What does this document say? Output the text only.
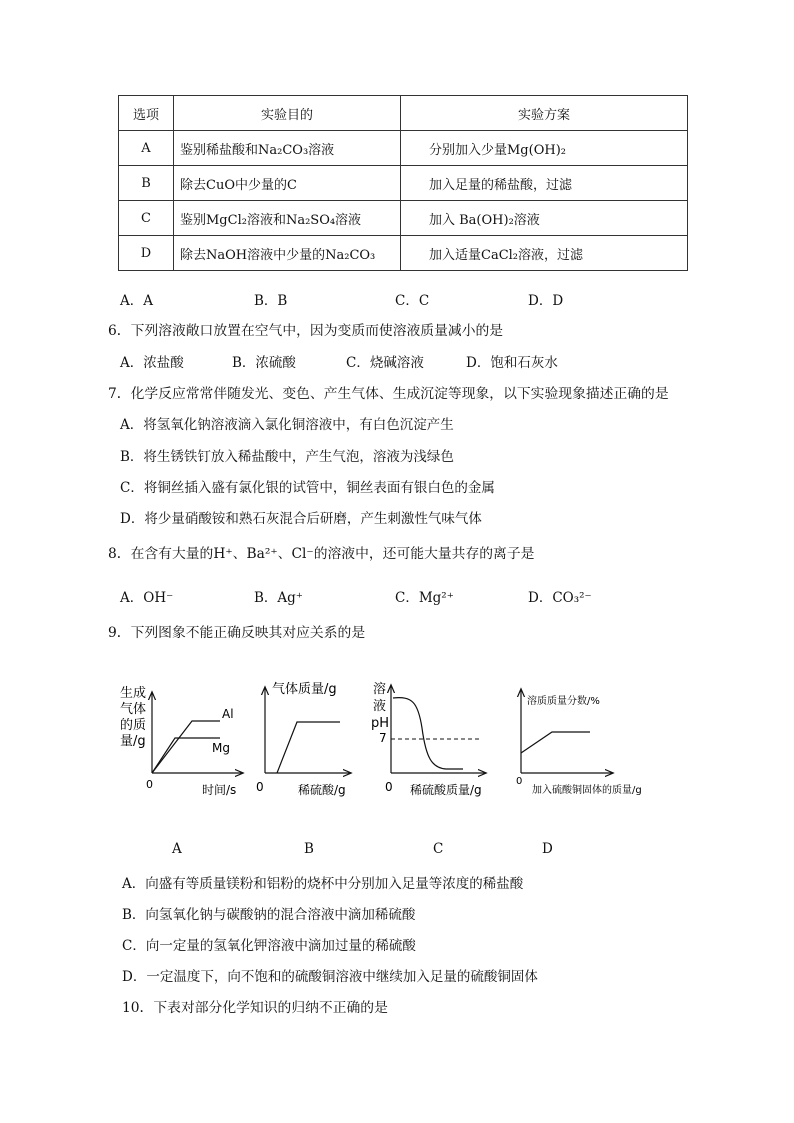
选项	实验目的	实验方案
A	鉴别稀盐酸和Na₂CO₃溶液	分别加入少量Mg(OH)₂
B	除去CuO中少量的C	加入足量的稀盐酸，过滤
C	鉴别MgCl₂溶液和Na₂SO₄溶液	加入 Ba(OH)₂溶液
D	除去NaOH溶液中少量的Na₂CO₃	加入适量CaCl₂溶液，过滤
A．A	B．B	C．C	D．D
6．下列溶液敞口放置在空气中，因为变质而使溶液质量减小的是
A．浓盐酸	B．浓硫酸	C．烧碱溶液	D．饱和石灰水
7．化学反应常常伴随发光、变色、产生气体、生成沉淀等现象，以下实验现象描述正确的是
A．将氢氧化钠溶液滴入氯化铜溶液中，有白色沉淀产生
B．将生锈铁钉放入稀盐酸中，产生气泡，溶液为浅绿色
C．将铜丝插入盛有氯化银的试管中，铜丝表面有银白色的金属
D．将少量硝酸铵和熟石灰混合后研磨，产生刺激性气味气体
8．在含有大量的H⁺、Ba²⁺、Cl⁻的溶液中，还可能大量共存的离子是
A．OH⁻	B．Ag⁺	C．Mg²⁺	D．CO₃²⁻
9．下列图象不能正确反映其对应关系的是
生成
气体
的质
量/g
0	时间/s
Al
Mg
气体质量/g
0	稀硫酸/g
溶
液
pH
7
0 稀硫酸质量/g
溶质质量分数/%
0
加入硫酸铜固体的质量/g
A	B	C	D
A．向盛有等质量镁粉和铝粉的烧杯中分别加入足量等浓度的稀盐酸
B．向氢氧化钠与碳酸钠的混合溶液中滴加稀硫酸
C．向一定量的氢氧化钾溶液中滴加过量的稀硫酸
D．一定温度下，向不饱和的硫酸铜溶液中继续加入足量的硫酸铜固体
10．下表对部分化学知识的归纳不正确的是
